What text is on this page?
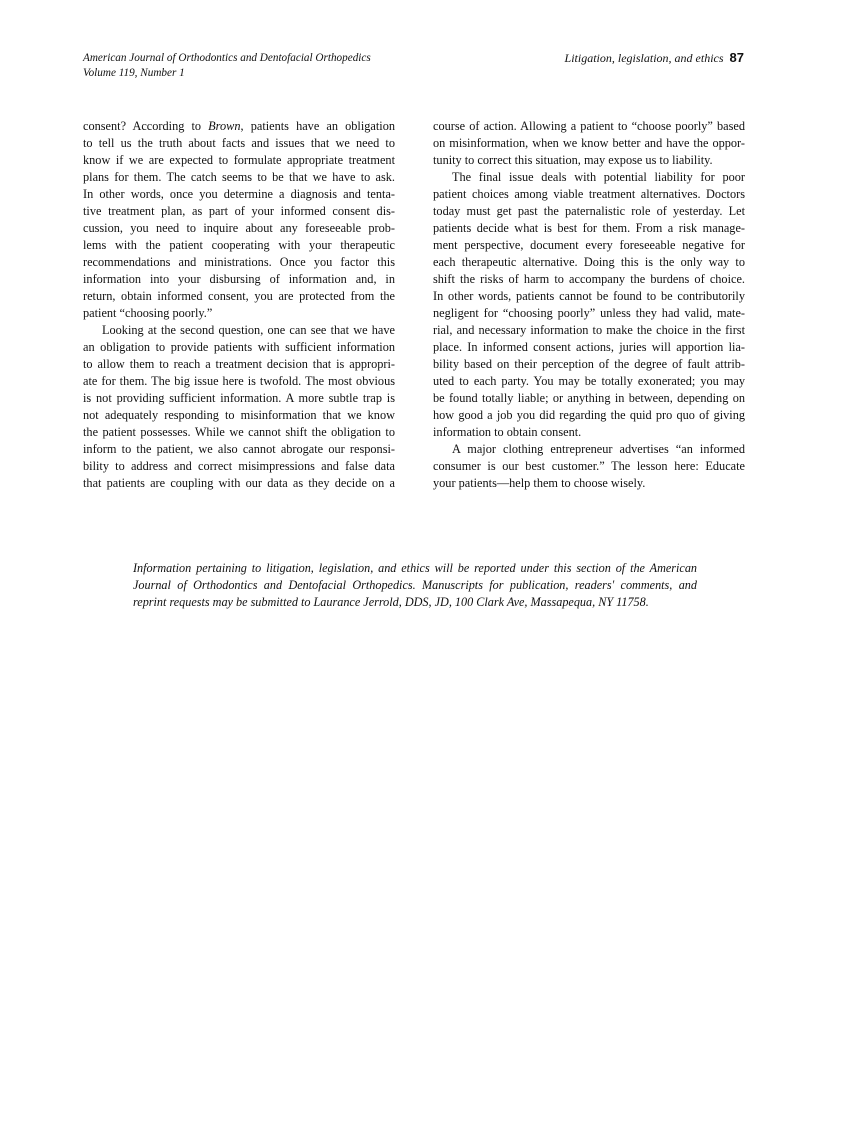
American Journal of Orthodontics and Dentofacial Orthopedics
Volume 119, Number 1
Litigation, legislation, and ethics 87
consent? According to Brown, patients have an obligation
to tell us the truth about facts and issues that we need to
know if we are expected to formulate appropriate treatment
plans for them. The catch seems to be that we have to ask.
In other words, once you determine a diagnosis and tenta-
tive treatment plan, as part of your informed consent dis-
cussion, you need to inquire about any foreseeable prob-
lems with the patient cooperating with your therapeutic
recommendations and ministrations. Once you factor this
information into your disbursing of information and, in
return, obtain informed consent, you are protected from the
patient “choosing poorly.”
Looking at the second question, one can see that we have
an obligation to provide patients with sufficient information
to allow them to reach a treatment decision that is appropri-
ate for them. The big issue here is twofold. The most obvious
is not providing sufficient information. A more subtle trap is
not adequately responding to misinformation that we know
the patient possesses. While we cannot shift the obligation to
inform to the patient, we also cannot abrogate our responsi-
bility to address and correct misimpressions and false data
that patients are coupling with our data as they decide on a
course of action. Allowing a patient to “choose poorly” based
on misinformation, when we know better and have the oppor-
tunity to correct this situation, may expose us to liability.
The final issue deals with potential liability for poor
patient choices among viable treatment alternatives. Doctors
today must get past the paternalistic role of yesterday. Let
patients decide what is best for them. From a risk manage-
ment perspective, document every foreseeable negative for
each therapeutic alternative. Doing this is the only way to
shift the risks of harm to accompany the burdens of choice.
In other words, patients cannot be found to be contributorily
negligent for “choosing poorly” unless they had valid, mate-
rial, and necessary information to make the choice in the first
place. In informed consent actions, juries will apportion lia-
bility based on their perception of the degree of fault attrib-
uted to each party. You may be totally exonerated; you may
be found totally liable; or anything in between, depending on
how good a job you did regarding the quid pro quo of giving
information to obtain consent.
A major clothing entrepreneur advertises “an informed
consumer is our best customer.” The lesson here: Educate
your patients—help them to choose wisely.
Information pertaining to litigation, legislation, and ethics will be reported under this section of the American
Journal of Orthodontics and Dentofacial Orthopedics. Manuscripts for publication, readers' comments, and
reprint requests may be submitted to Laurance Jerrold, DDS, JD, 100 Clark Ave, Massapequa, NY 11758.
